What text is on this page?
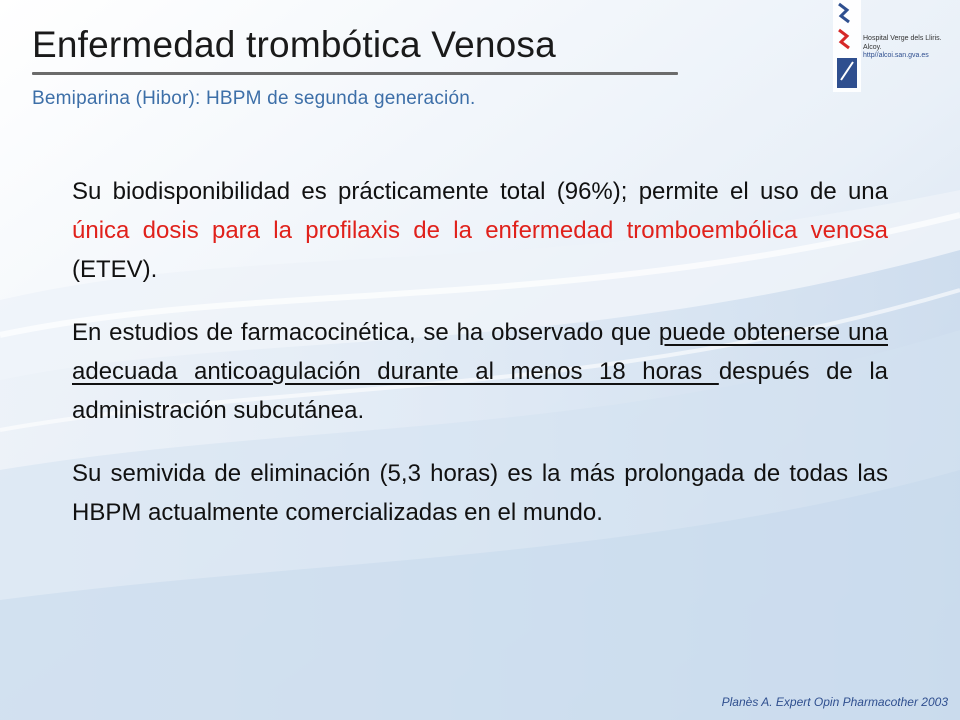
Enfermedad trombótica Venosa
Bemiparina (Hibor): HBPM de segunda generación.
Hospital Verge dels Lliris.
Alcoy.
http//alcoi.san.gva.es

Su biodisponibilidad es prácticamente total (96%); permite el uso de una única dosis para la profilaxis de la enfermedad tromboembólica venosa (ETEV).

En estudios de farmacocinética, se ha observado que puede obtenerse una adecuada anticoagulación durante al menos 18 horas después de la administración subcutánea.

Su semivida de eliminación (5,3 horas) es la más prolongada de todas las HBPM actualmente comercializadas en el mundo.

Planès A. Expert Opin Pharmacother 2003
